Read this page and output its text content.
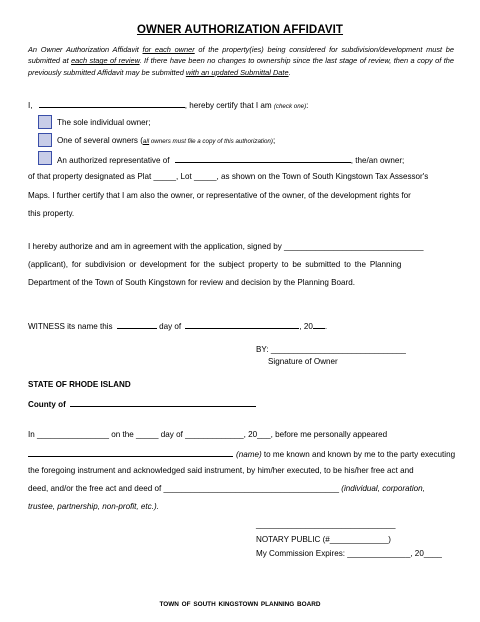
OWNER AUTHORIZATION AFFIDAVIT
An Owner Authorization Affidavit for each owner of the property(ies) being considered for subdivision/development must be submitted at each stage of review. If there have been no changes to ownership since the last stage of review, then a copy of the previously submitted Affidavit may be submitted with an updated Submittal Date.
I,	, hereby certify that I am (check one):
The sole individual owner;
One of several owners (all owners must file a copy of this authorization);
An authorized representative of	, the/an owner;
of that property designated as Plat _____, Lot _____, as shown on the Town of South Kingstown Tax Assessor's
Maps. I further certify that I am also the owner, or representative of the owner, of the development rights for
this property.
I hereby authorize and am in agreement with the application, signed by _______________________________
(applicant), for subdivision or development for the subject property to be submitted to the Planning
Department of the Town of South Kingstown for review and decision by the Planning Board.
WITNESS its name this	day of	, 20 .
BY: ______________________________
Signature of Owner
STATE OF RHODE ISLAND
County of
In ________________ on the _____ day of _____________, 20___, before me personally appeared
(name) to me known and known by me to the party executing
the foregoing instrument and acknowledged said instrument, by him/her executed, to be his/her free act and
deed, and/or the free act and deed of _______________________________________ (individual, corporation,
trustee, partnership, non-profit, etc.).
_______________________________
NOTARY PUBLIC (#_____________)
My Commission Expires: ______________, 20____
TOWN OF SOUTH KINGSTOWN PLANNING BOARD
